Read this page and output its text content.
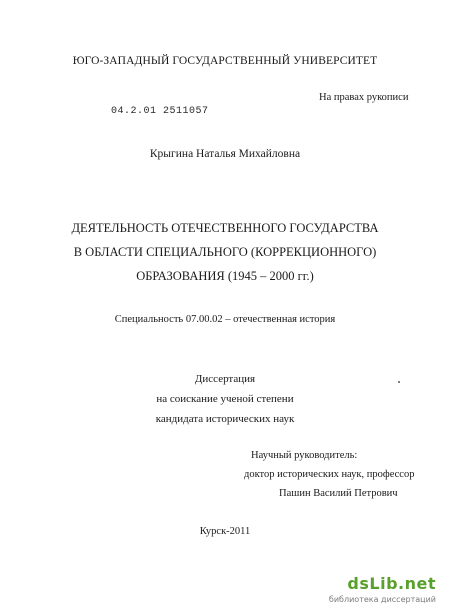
ЮГО-ЗАПАДНЫЙ ГОСУДАРСТВЕННЫЙ УНИВЕРСИТЕТ
На правах рукописи
04.2.01 2511057
Крыгина Наталья Михайловна
ДЕЯТЕЛЬНОСТЬ ОТЕЧЕСТВЕННОГО ГОСУДАРСТВА
В ОБЛАСТИ СПЕЦИАЛЬНОГО (КОРРЕКЦИОННОГО)
ОБРАЗОВАНИЯ (1945 – 2000 гг.)
Специальность 07.00.02 – отечественная история
Диссертация
на соискание ученой степени
кандидата исторических наук
Научный руководитель:
доктор исторических наук, профессор
Пашин Василий Петрович
Курск-2011
dsLib.net
библиотека диссертаций
